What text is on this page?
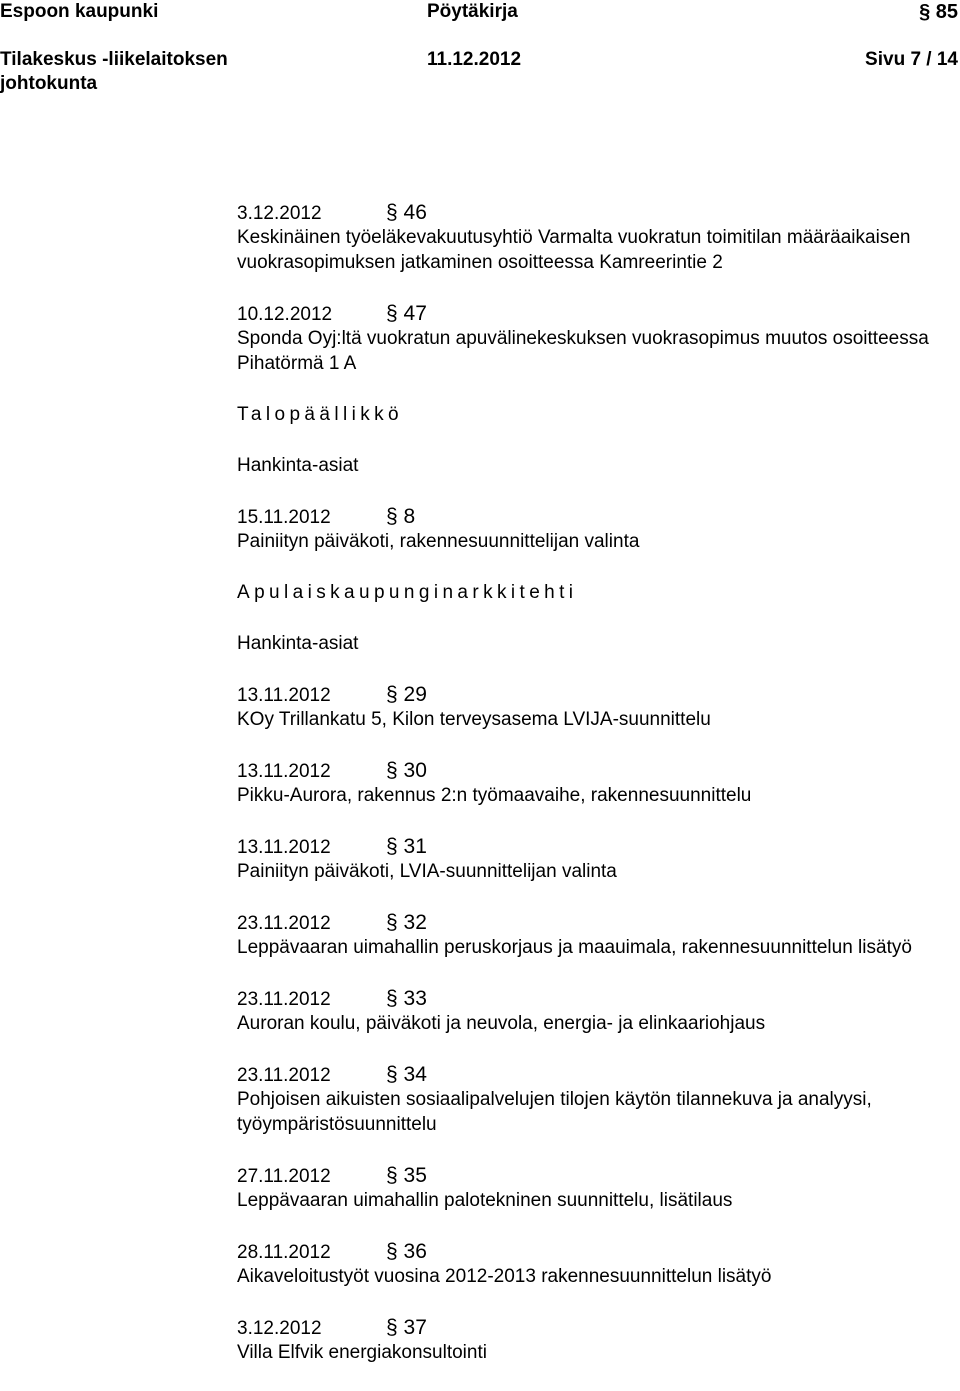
Espoon kaupunki	Pöytäkirja	§ 85
Tilakeskus -liikelaitoksen
johtokunta
11.12.2012	Sivu 7 / 14
3.12.2012	§ 46
Keskinäinen työeläkevakuutusyhtiö Varmalta vuokratun toimitilan määräaikaisen vuokrasopimuksen jatkaminen osoitteessa Kamreerintie 2
10.12.2012	§ 47
Sponda Oyj:ltä vuokratun apuvälinekeskuksen vuokrasopimus muutos osoitteessa Pihatörmä 1 A
Talopäällikkö
Hankinta-asiat
15.11.2012	§ 8
Painiityn päiväkoti, rakennesuunnittelijan valinta
Apulaiskaupunginarkkitehti
Hankinta-asiat
13.11.2012	§ 29
KOy Trillankatu 5, Kilon terveysasema LVIJA-suunnittelu
13.11.2012	§ 30
Pikku-Aurora, rakennus 2:n työmaavaihe, rakennesuunnittelu
13.11.2012	§ 31
Painiityn päiväkoti, LVIA-suunnittelijan valinta
23.11.2012	§ 32
Leppävaaran uimahallin peruskorjaus ja maauimala, rakennesuunnittelun lisätyö
23.11.2012	§ 33
Auroran koulu, päiväkoti ja neuvola, energia- ja elinkaariohjaus
23.11.2012	§ 34
Pohjoisen aikuisten sosiaalipalvelujen tilojen käytön tilannekuva ja analyysi, työympäristösuunnittelu
27.11.2012	§ 35
Leppävaaran uimahallin palotekninen suunnittelu, lisätilaus
28.11.2012	§ 36
Aikaveloitustyöt vuosina 2012-2013 rakennesuunnittelun lisätyö
3.12.2012	§ 37
Villa Elfvik energiakonsultointi
